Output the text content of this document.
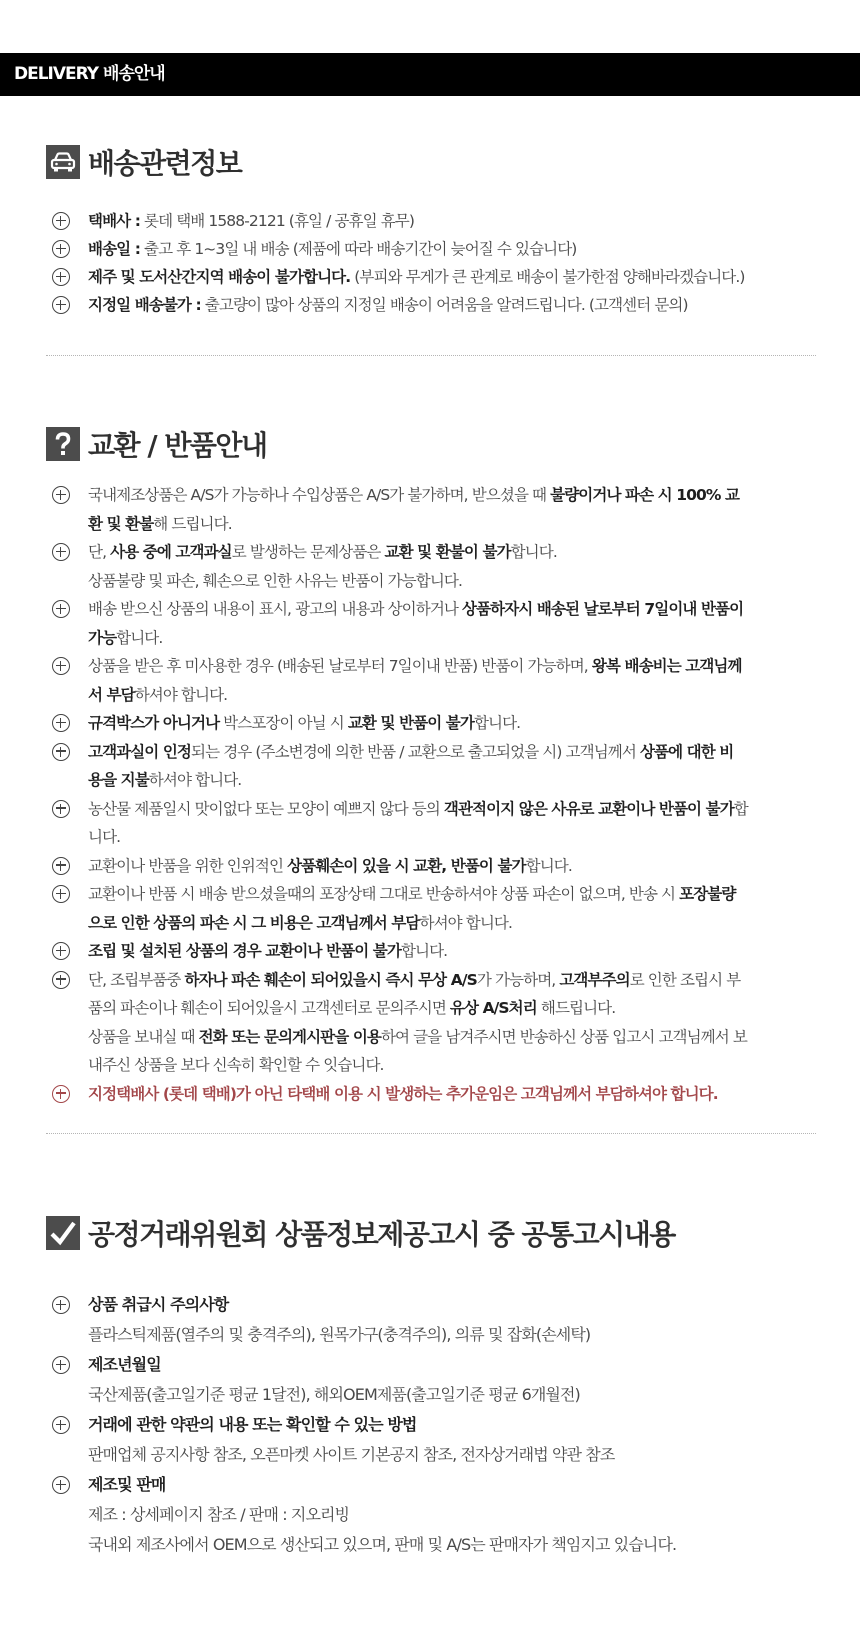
DELIVERY 배송안내
배송관련정보
택배사 : 롯데 택배 1588-2121 (휴일 / 공휴일 휴무)
배송일 : 출고 후 1~3일 내 배송 (제품에 따라 배송기간이 늦어질 수 있습니다)
제주 및 도서산간지역 배송이 불가합니다. (부피와 무게가 큰 관계로 배송이 불가한점 양해바라겠습니다.)
지정일 배송불가 : 출고량이 많아 상품의 지정일 배송이 어려움을 알려드립니다. (고객센터 문의)
교환 / 반품안내
국내제조상품은 A/S가 가능하나 수입상품은 A/S가 불가하며, 받으셨을 때 불량이거나 파손 시 100% 교
환 및 환불해 드립니다.
단, 사용 중에 고객과실로 발생하는 문제상품은 교환 및 환불이 불가합니다.
상품불량 및 파손, 훼손으로 인한 사유는 반품이 가능합니다.
배송 받으신 상품의 내용이 표시, 광고의 내용과 상이하거나 상품하자시 배송된 날로부터 7일이내 반품이
가능합니다.
상품을 받은 후 미사용한 경우 (배송된 날로부터 7일이내 반품) 반품이 가능하며, 왕복 배송비는 고객님께
서 부담하셔야 합니다.
규격박스가 아니거나 박스포장이 아닐 시 교환 및 반품이 불가합니다.
고객과실이 인정되는 경우 (주소변경에 의한 반품 / 교환으로 출고되었을 시) 고객님께서 상품에 대한 비
용을 지불하셔야 합니다.
농산물 제품일시 맛이없다 또는 모양이 예쁘지 않다 등의 객관적이지 않은 사유로 교환이나 반품이 불가합
니다.
교환이나 반품을 위한 인위적인 상품훼손이 있을 시 교환, 반품이 불가합니다.
교환이나 반품 시 배송 받으셨을때의 포장상태 그대로 반송하셔야 상품 파손이 없으며, 반송 시 포장불량
으로 인한 상품의 파손 시 그 비용은 고객님께서 부담하셔야 합니다.
조립 및 설치된 상품의 경우 교환이나 반품이 불가합니다.
단, 조립부품중 하자나 파손 훼손이 되어있을시 즉시 무상 A/S가 가능하며, 고객부주의로 인한 조립시 부
품의 파손이나 훼손이 되어있을시 고객센터로 문의주시면 유상 A/S처리 해드립니다.
상품을 보내실 때 전화 또는 문의게시판을 이용하여 글을 남겨주시면 반송하신 상품 입고시 고객님께서 보
내주신 상품을 보다 신속히 확인할 수 잇습니다.
지정택배사 (롯데 택배)가 아닌 타택배 이용 시 발생하는 추가운임은 고객님께서 부담하셔야 합니다.
공정거래위원회 상품정보제공고시 중 공통고시내용
상품 취급시 주의사항
플라스틱제품(열주의 및 충격주의), 원목가구(충격주의), 의류 및 잡화(손세탁)
제조년월일
국산제품(출고일기준 평균 1달전), 해외OEM제품(출고일기준 평균 6개월전)
거래에 관한 약관의 내용 또는 확인할 수 있는 방법
판매업체 공지사항 참조, 오픈마켓 사이트 기본공지 참조, 전자상거래법 약관 참조
제조및 판매
제조 : 상세페이지 참조 / 판매 : 지오리빙
국내외 제조사에서 OEM으로 생산되고 있으며, 판매 및 A/S는 판매자가 책임지고 있습니다.
